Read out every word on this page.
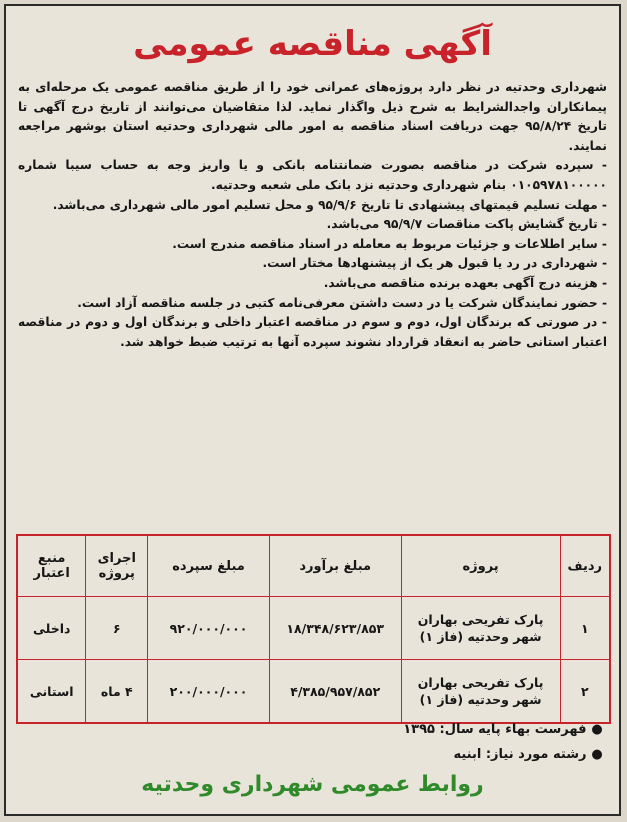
آگهی مناقصه عمومی

شهرداری وحدتیه در نظر دارد پروژه‌های عمرانی خود را از طریق مناقصه عمومی یک مرحله‌ای به پیمانکاران واجدالشرایط به شرح ذیل واگذار نماید. لذا متقاضیان می‌توانند از تاریخ درج آگهی تا تاریخ ۹۵/۸/۲۴ جهت دریافت اسناد مناقصه به امور مالی شهرداری وحدتیه استان بوشهر مراجعه نمایند.

- سپرده شرکت در مناقصه بصورت ضمانتنامه بانکی و یا واریز وجه به حساب سیبا شماره ۰۱۰۵۹۷۸۱۰۰۰۰۰ بنام شهرداری وحدتیه نزد بانک ملی شعبه وحدتیه.

- مهلت تسلیم قیمتهای پیشنهادی تا تاریخ ۹۵/۹/۶ و محل تسلیم امور مالی شهرداری می‌باشد.

- تاریخ گشایش پاکت مناقصات ۹۵/۹/۷ می‌باشد.

- سایر اطلاعات و جزئیات مربوط به معامله در اسناد مناقصه مندرج است.

- شهرداری در رد یا قبول هر یک از پیشنهادها مختار است.

- هزینه درج آگهی بعهده برنده مناقصه می‌باشد.

- حضور نمایندگان شرکت یا در دست داشتن معرفی‌نامه کتبی در جلسه مناقصه آزاد است.

- در صورتی که برندگان اول، دوم و سوم در مناقصه اعتبار داخلی و برندگان اول و دوم در مناقصه اعتبار استانی حاضر به انعقاد قرارداد نشوند سپرده آنها به ترتیب ضبط خواهد شد.

ردیف	پروژه	مبلغ برآورد	مبلغ سپرده	اجرای پروژه	منبع اعتبار
۱	پارک تفریحی بهاران شهر وحدتیه (فاز ۱)	۱۸/۳۴۸/۶۲۳/۸۵۳	۹۲۰/۰۰۰/۰۰۰	۶	داخلی
۲	پارک تفریحی بهاران شهر وحدتیه (فاز ۱)	۴/۳۸۵/۹۵۷/۸۵۲	۲۰۰/۰۰۰/۰۰۰	۴ ماه	استانی
● فهرست بهاء پایه سال: ۱۳۹۵
● رشته مورد نیاز: ابنیه
روابط عمومی شهرداری وحدتیه
